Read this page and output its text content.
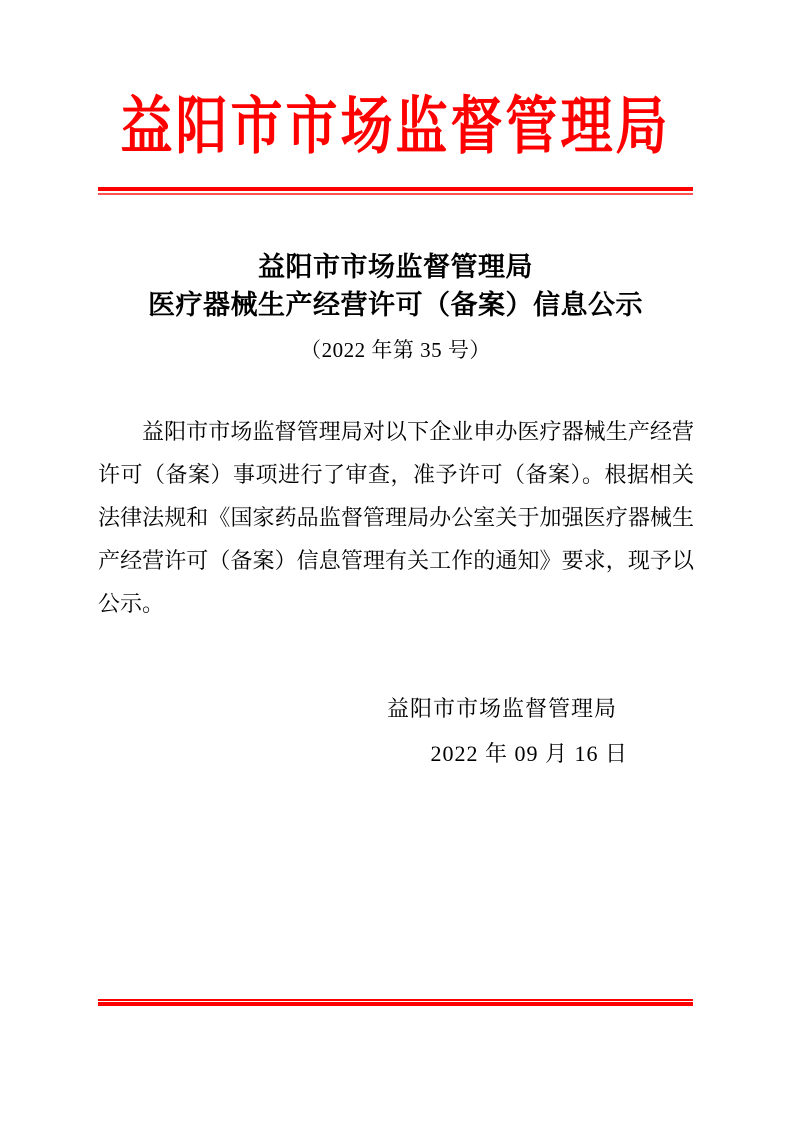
益阳市市场监督管理局
益阳市市场监督管理局
医疗器械生产经营许可（备案）信息公示
（2022 年第 35 号）

益阳市市场监督管理局对以下企业申办医疗器械生产经营许可（备案）事项进行了审查，准予许可（备案）。根据相关法律法规和《国家药品监督管理局办公室关于加强医疗器械生产经营许可（备案）信息管理有关工作的通知》要求，现予以公示。

益阳市市场监督管理局
2022 年 09 月 16 日
